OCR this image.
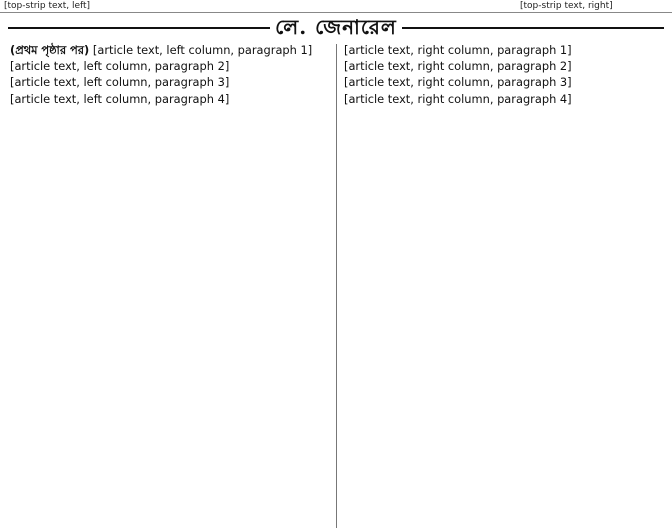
[top-strip text, left]	[top-strip text, right]
লে. জেনারেল

(প্রথম পৃষ্ঠার পর) [article text, left column, paragraph 1]

[article text, left column, paragraph 2]

[article text, left column, paragraph 3]

[article text, left column, paragraph 4]

[article text, right column, paragraph 1]

[article text, right column, paragraph 2]

[article text, right column, paragraph 3]

[article text, right column, paragraph 4]
